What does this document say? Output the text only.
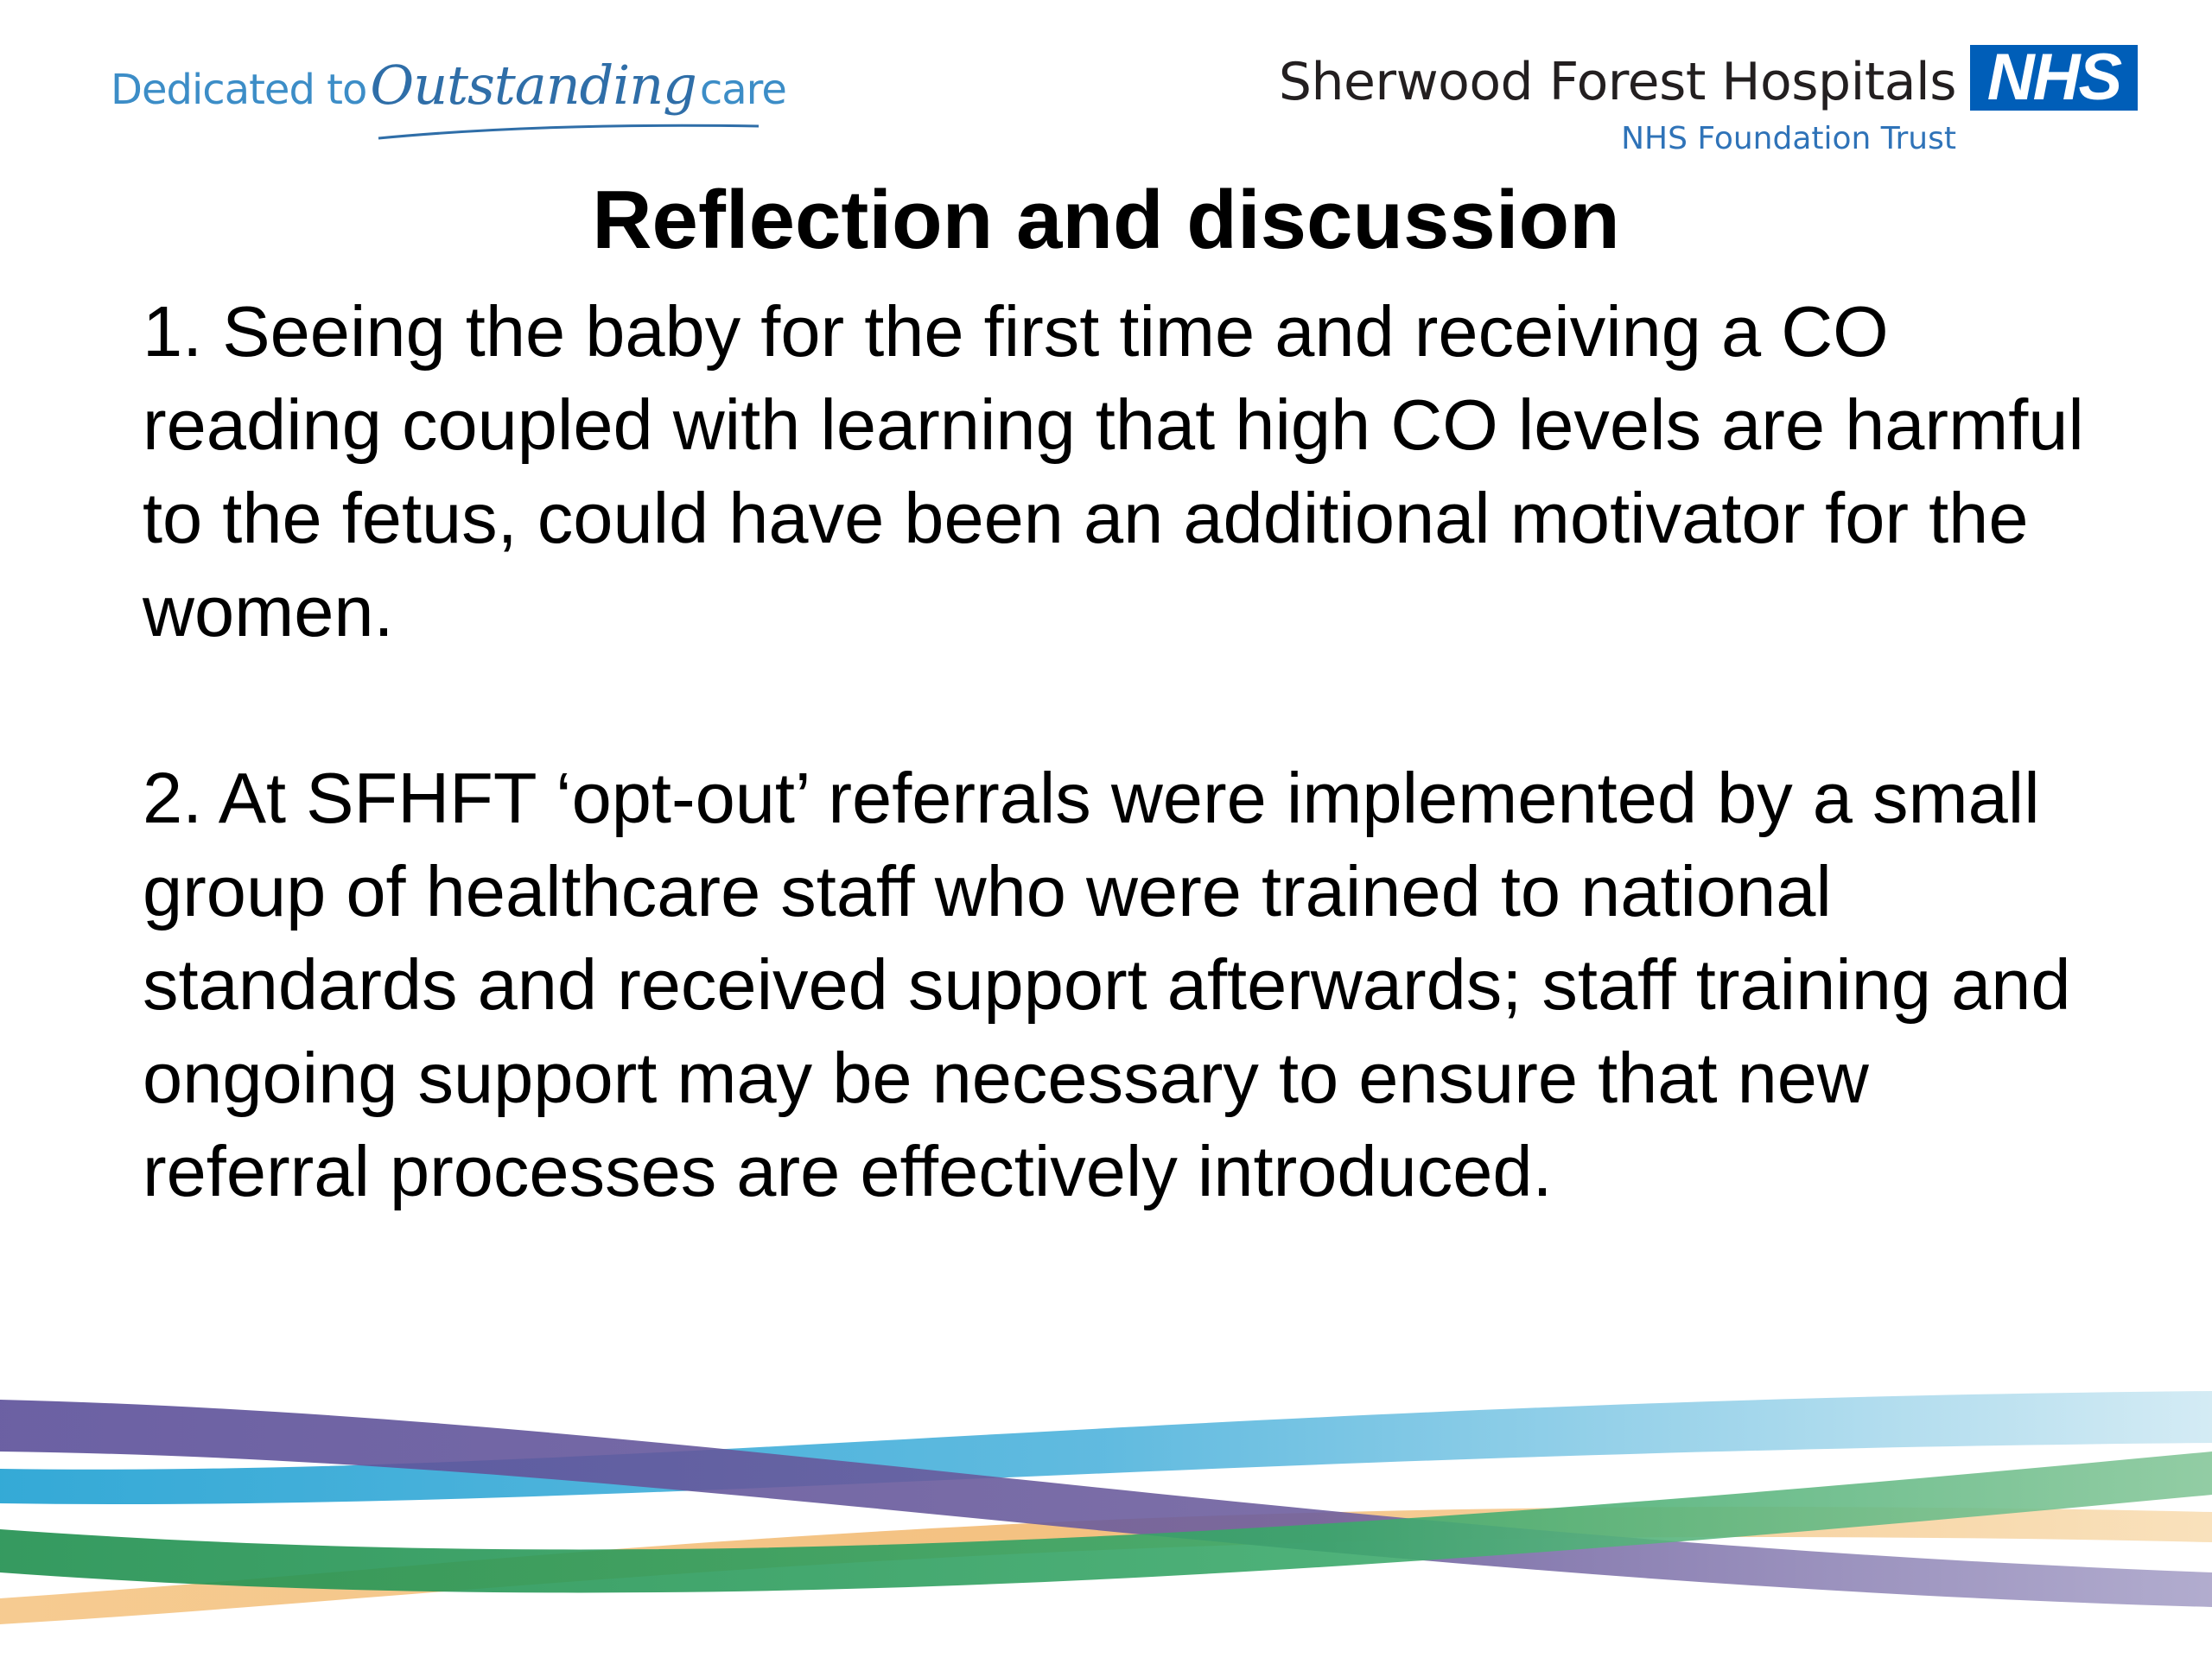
Dedicated toOutstandingcare	Sherwood Forest Hospitals
NHS Foundation Trust
NHS
Reflection and discussion

1. Seeing the baby for the first time and receiving a CO reading coupled with learning that high CO levels are harmful to the fetus, could have been an additional motivator for the women.

2. At SFHFT ‘opt-out’ referrals were implemented by a small group of healthcare staff who were trained to national standards and received support afterwards; staff training and ongoing support may be necessary to ensure that new referral processes are effectively introduced.
